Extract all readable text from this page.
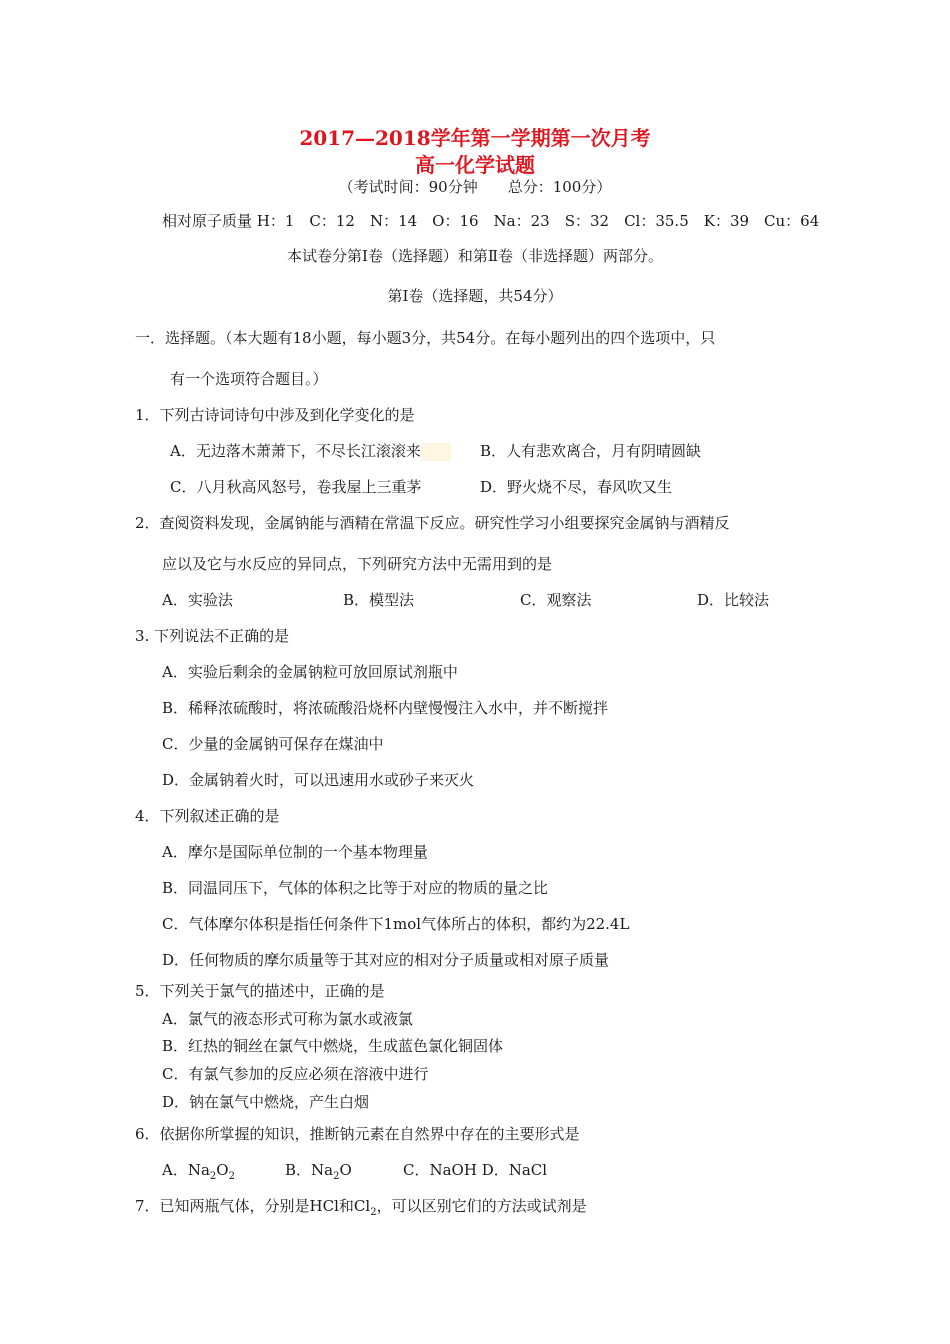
2017—2018学年第一学期第一次月考
高一化学试题
（考试时间：90分钟　　总分：100分）
相对原子质量 H：1　C：12　N：14　O：16　Na：23　S：32　Cl：35.5　K：39　Cu：64
本试卷分第Ⅰ卷（选择题）和第Ⅱ卷（非选择题）两部分。
第Ⅰ卷（选择题，共54分）
一．选择题。（本大题有18小题，每小题3分，共54分。在每小题列出的四个选项中，只
有一个选项符合题目。）
1．下列古诗词诗句中涉及到化学变化的是
A．无边落木萧萧下，不尽长江滚滚来	B．人有悲欢离合，月有阴晴圆缺
C．八月秋高风怒号，卷我屋上三重茅	D．野火烧不尽，春风吹又生
2．查阅资料发现，金属钠能与酒精在常温下反应。研究性学习小组要探究金属钠与酒精反
应以及它与水反应的异同点，下列研究方法中无需用到的是
A．实验法	B．模型法	C．观察法	D．比较法
3. 下列说法不正确的是
A．实验后剩余的金属钠粒可放回原试剂瓶中
B．稀释浓硫酸时，将浓硫酸沿烧杯内壁慢慢注入水中，并不断搅拌
C．少量的金属钠可保存在煤油中
D．金属钠着火时，可以迅速用水或砂子来灭火
4．下列叙述正确的是
A．摩尔是国际单位制的一个基本物理量
B．同温同压下，气体的体积之比等于对应的物质的量之比
C．气体摩尔体积是指任何条件下1mol气体所占的体积，都约为22.4L
D．任何物质的摩尔质量等于其对应的相对分子质量或相对原子质量
5．下列关于氯气的描述中，正确的是
A．氯气的液态形式可称为氯水或液氯
B．红热的铜丝在氯气中燃烧，生成蓝色氯化铜固体
C．有氯气参加的反应必须在溶液中进行
D．钠在氯气中燃烧，产生白烟
6．依据你所掌握的知识，推断钠元素在自然界中存在的主要形式是
A．$Na_2O_2$	B．$Na_2O$	C．NaOH D．NaCl
7．已知两瓶气体，分别是HCl和$Cl_2$，可以区别它们的方法或试剂是
